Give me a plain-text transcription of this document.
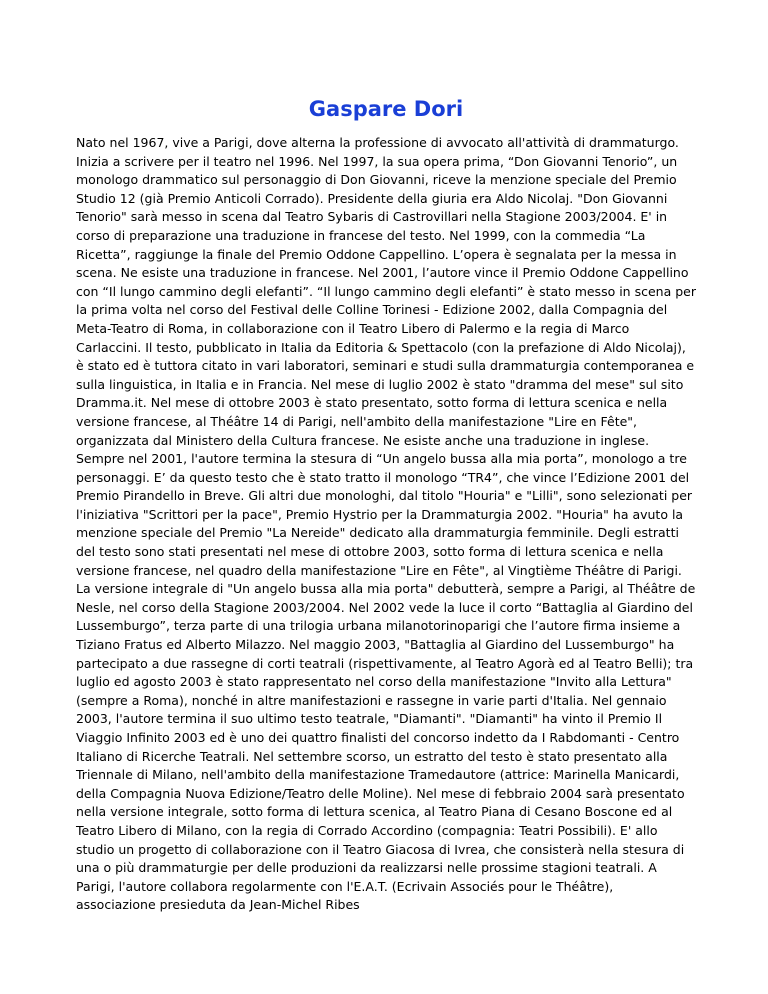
Gaspare Dori

Nato nel 1967, vive a Parigi, dove alterna la professione di avvocato all'attività di drammaturgo. Inizia a scrivere per il teatro nel 1996. Nel 1997, la sua opera prima, “Don Giovanni Tenorio”, un monologo drammatico sul personaggio di Don Giovanni, riceve la menzione speciale del Premio Studio 12 (già Premio Anticoli Corrado). Presidente della giuria era Aldo Nicolaj. "Don Giovanni Tenorio" sarà messo in scena dal Teatro Sybaris di Castrovillari nella Stagione 2003/2004. E' in corso di preparazione una traduzione in francese del testo. Nel 1999, con la commedia “La Ricetta”, raggiunge la finale del Premio Oddone Cappellino. L’opera è segnalata per la messa in scena. Ne esiste una traduzione in francese. Nel 2001, l’autore vince il Premio Oddone Cappellino con “Il lungo cammino degli elefanti”. “Il lungo cammino degli elefanti” è stato messo in scena per la prima volta nel corso del Festival delle Colline Torinesi - Edizione 2002, dalla Compagnia del Meta-Teatro di Roma, in collaborazione con il Teatro Libero di Palermo e la regia di Marco Carlaccini. Il testo, pubblicato in Italia da Editoria & Spettacolo (con la prefazione di Aldo Nicolaj), è stato ed è tuttora citato in vari laboratori, seminari e studi sulla drammaturgia contemporanea e sulla linguistica, in Italia e in Francia. Nel mese di luglio 2002 è stato "dramma del mese" sul sito Dramma.it. Nel mese di ottobre 2003 è stato presentato, sotto forma di lettura scenica e nella versione francese, al Théâtre 14 di Parigi, nell'ambito della manifestazione "Lire en Fête", organizzata dal Ministero della Cultura francese. Ne esiste anche una traduzione in inglese. Sempre nel 2001, l'autore termina la stesura di “Un angelo bussa alla mia porta”, monologo a tre personaggi. E’ da questo testo che è stato tratto il monologo “TR4”, che vince l’Edizione 2001 del Premio Pirandello in Breve. Gli altri due monologhi, dal titolo "Houria" e "Lilli", sono selezionati per l'iniziativa "Scrittori per la pace", Premio Hystrio per la Drammaturgia 2002. "Houria" ha avuto la menzione speciale del Premio "La Nereide" dedicato alla drammaturgia femminile. Degli estratti del testo sono stati presentati nel mese di ottobre 2003, sotto forma di lettura scenica e nella versione francese, nel quadro della manifestazione "Lire en Fête", al Vingtième Théâtre di Parigi. La versione integrale di "Un angelo bussa alla mia porta" debutterà, sempre a Parigi, al Théâtre de Nesle, nel corso della Stagione 2003/2004. Nel 2002 vede la luce il corto “Battaglia al Giardino del Lussemburgo”, terza parte di una trilogia urbana milanotorinoparigi che l’autore firma insieme a Tiziano Fratus ed Alberto Milazzo. Nel maggio 2003, "Battaglia al Giardino del Lussemburgo" ha partecipato a due rassegne di corti teatrali (rispettivamente, al Teatro Agorà ed al Teatro Belli); tra luglio ed agosto 2003 è stato rappresentato nel corso della manifestazione "Invito alla Lettura" (sempre a Roma), nonché in altre manifestazioni e rassegne in varie parti d'Italia. Nel gennaio 2003, l'autore termina il suo ultimo testo teatrale, "Diamanti". "Diamanti" ha vinto il Premio Il Viaggio Infinito 2003 ed è uno dei quattro finalisti del concorso indetto da I Rabdomanti - Centro Italiano di Ricerche Teatrali. Nel settembre scorso, un estratto del testo è stato presentato alla Triennale di Milano, nell'ambito della manifestazione Tramedautore (attrice: Marinella Manicardi, della Compagnia Nuova Edizione/Teatro delle Moline). Nel mese di febbraio 2004 sarà presentato nella versione integrale, sotto forma di lettura scenica, al Teatro Piana di Cesano Boscone ed al Teatro Libero di Milano, con la regia di Corrado Accordino (compagnia: Teatri Possibili). E' allo studio un progetto di collaborazione con il Teatro Giacosa di Ivrea, che consisterà nella stesura di una o più drammaturgie per delle produzioni da realizzarsi nelle prossime stagioni teatrali. A Parigi, l'autore collabora regolarmente con l'E.A.T. (Ecrivain Associés pour le Théâtre), associazione presieduta da Jean-Michel Ribes
